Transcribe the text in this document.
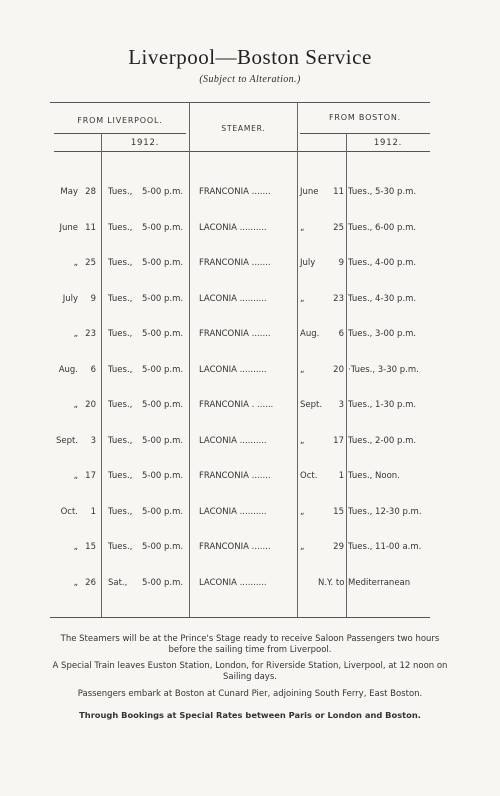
Liverpool—Boston Service
(Subject to Alteration.)
FROM LIVERPOOL.
STEAMER.
FROM BOSTON.
1912.	1912.
May 28 Tues.,	5-00 p.m.	FRANCONIA .......	June	11 Tues., 5-30 p.m.
June 11 Tues.,	5-00 p.m.	LACONIA ..........	„	25 Tues., 6-00 p.m.
„ 25 Tues.,	5-00 p.m.	FRANCONIA .......	July	9 Tues., 4-00 p.m.
July	9 Tues.,	5-00 p.m.	LACONIA ..........	„	23 Tues., 4-30 p.m.
„ 23 Tues.,	5-00 p.m.	FRANCONIA .......	Aug.	6 Tues., 3-00 p.m.
Aug.	6 Tues.,	5-00 p.m.	LACONIA ..........	„	20 ·Tues., 3-30 p.m.
„ 20 Tues.,	5-00 p.m.	FRANCONIA . ......	Sept.	3 Tues., 1-30 p.m.
Sept.	3 Tues.,	5-00 p.m.	LACONIA ..........	„	17 Tues., 2-00 p.m.
„ 17 Tues.,	5-00 p.m.	FRANCONIA .......	Oct.	1 Tues., Noon.
Oct.	1 Tues.,	5-00 p.m.	LACONIA ..........	„	15 Tues., 12-30 p.m.
„ 15 Tues.,	5-00 p.m.	FRANCONIA .......	„	29 Tues., 11-00 a.m.
„ 26 Sat.,	5-00 p.m.	LACONIA ..........	N.Y. to Mediterranean
The Steamers will be at the Prince's Stage ready to receive Saloon Passengers two hours before the sailing time from Liverpool.
A Special Train leaves Euston Station, London, for Riverside Station, Liverpool, at 12 noon on Sailing days.
Passengers embark at Boston at Cunard Pier, adjoining South Ferry, East Boston.
Through Bookings at Special Rates between Paris or London and Boston.
